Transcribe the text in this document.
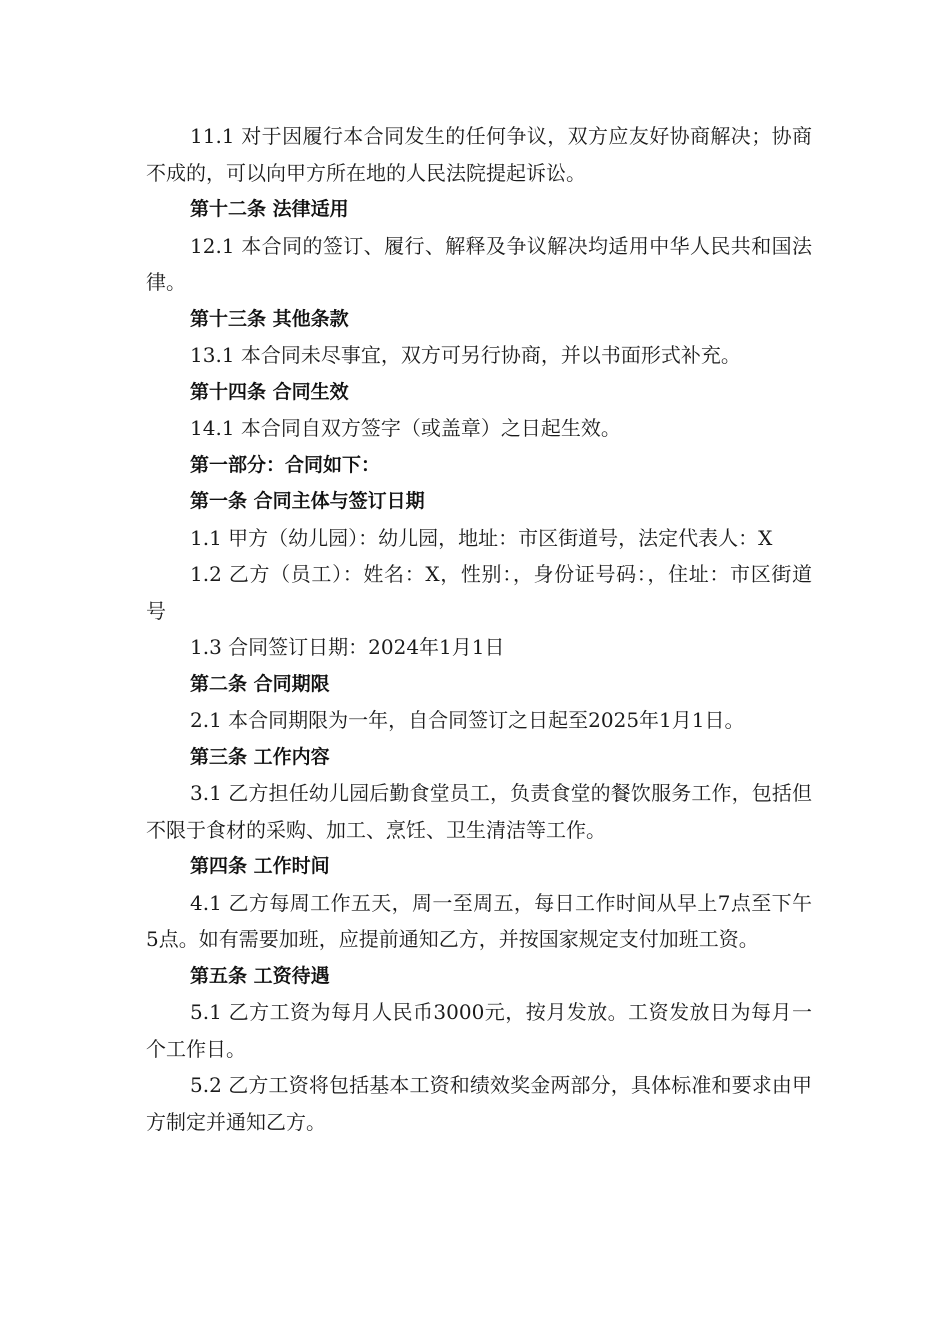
11.1 对于因履行本合同发生的任何争议，双方应友好协商解决；协商不成的，可以向甲方所在地的人民法院提起诉讼。

第十二条 法律适用

12.1 本合同的签订、履行、解释及争议解决均适用中华人民共和国法律。

第十三条 其他条款

13.1 本合同未尽事宜，双方可另行协商，并以书面形式补充。

第十四条 合同生效

14.1 本合同自双方签字（或盖章）之日起生效。

第一部分：合同如下：

第一条 合同主体与签订日期

1.1 甲方（幼儿园）：幼儿园，地址：市区街道号，法定代表人：X

1.2 乙方（员工）：姓名：X，性别：，身份证号码：，住址：市区街道号

1.3 合同签订日期：2024年1月1日

第二条 合同期限

2.1 本合同期限为一年，自合同签订之日起至2025年1月1日。

第三条 工作内容

3.1 乙方担任幼儿园后勤食堂员工，负责食堂的餐饮服务工作，包括但不限于食材的采购、加工、烹饪、卫生清洁等工作。

第四条 工作时间

4.1 乙方每周工作五天，周一至周五，每日工作时间从早上7点至下午5点。如有需要加班，应提前通知乙方，并按国家规定支付加班工资。

第五条 工资待遇

5.1 乙方工资为每月人民币3000元，按月发放。工资发放日为每月一个工作日。

5.2 乙方工资将包括基本工资和绩效奖金两部分，具体标准和要求由甲方制定并通知乙方。
